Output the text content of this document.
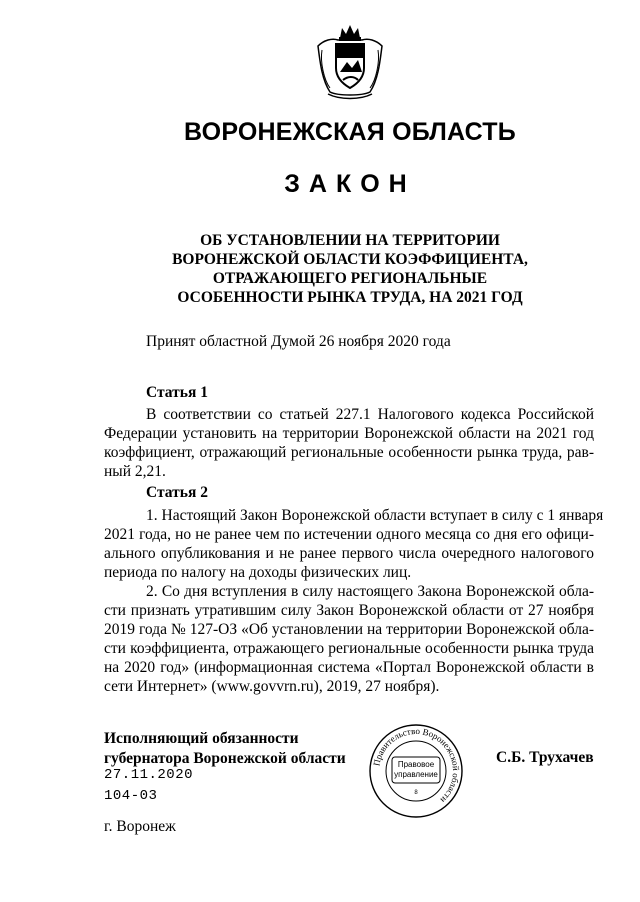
ВОРОНЕЖСКАЯ ОБЛАСТЬ
ЗАКОН
ОБ УСТАНОВЛЕНИИ НА ТЕРРИТОРИИ
ВОРОНЕЖСКОЙ ОБЛАСТИ КОЭФФИЦИЕНТА,
ОТРАЖАЮЩЕГО РЕГИОНАЛЬНЫЕ
ОСОБЕННОСТИ РЫНКА ТРУДА, НА 2021 ГОД
Принят областной Думой 26 ноября 2020 года
Статья 1
В соответствии со статьей 227.1 Налогового кодекса Российской
Федерации установить на территории Воронежской области на 2021 год
коэффициент, отражающий региональные особенности рынка труда, рав-
ный 2,21.
Статья 2
1. Настоящий Закон Воронежской области вступает в силу с 1 января
2021 года, но не ранее чем по истечении одного месяца со дня его офици-
ального опубликования и не ранее первого числа очередного налогового
периода по налогу на доходы физических лиц.
2. Со дня вступления в силу настоящего Закона Воронежской обла-
сти признать утратившим силу Закон Воронежской области от 27 ноября
2019 года № 127-ОЗ «Об установлении на территории Воронежской обла-
сти коэффициента, отражающего региональные особенности рынка труда
на 2020 год» (информационная система «Портал Воронежской области в
сети Интернет» (www.govvrn.ru), 2019, 27 ноября).
Исполняющий обязанности
губернатора Воронежской области
27.11.2020
104-03
С.Б. Трухачев
г. Воронеж
Правительство Воронежской области
Правовое
управление
8
